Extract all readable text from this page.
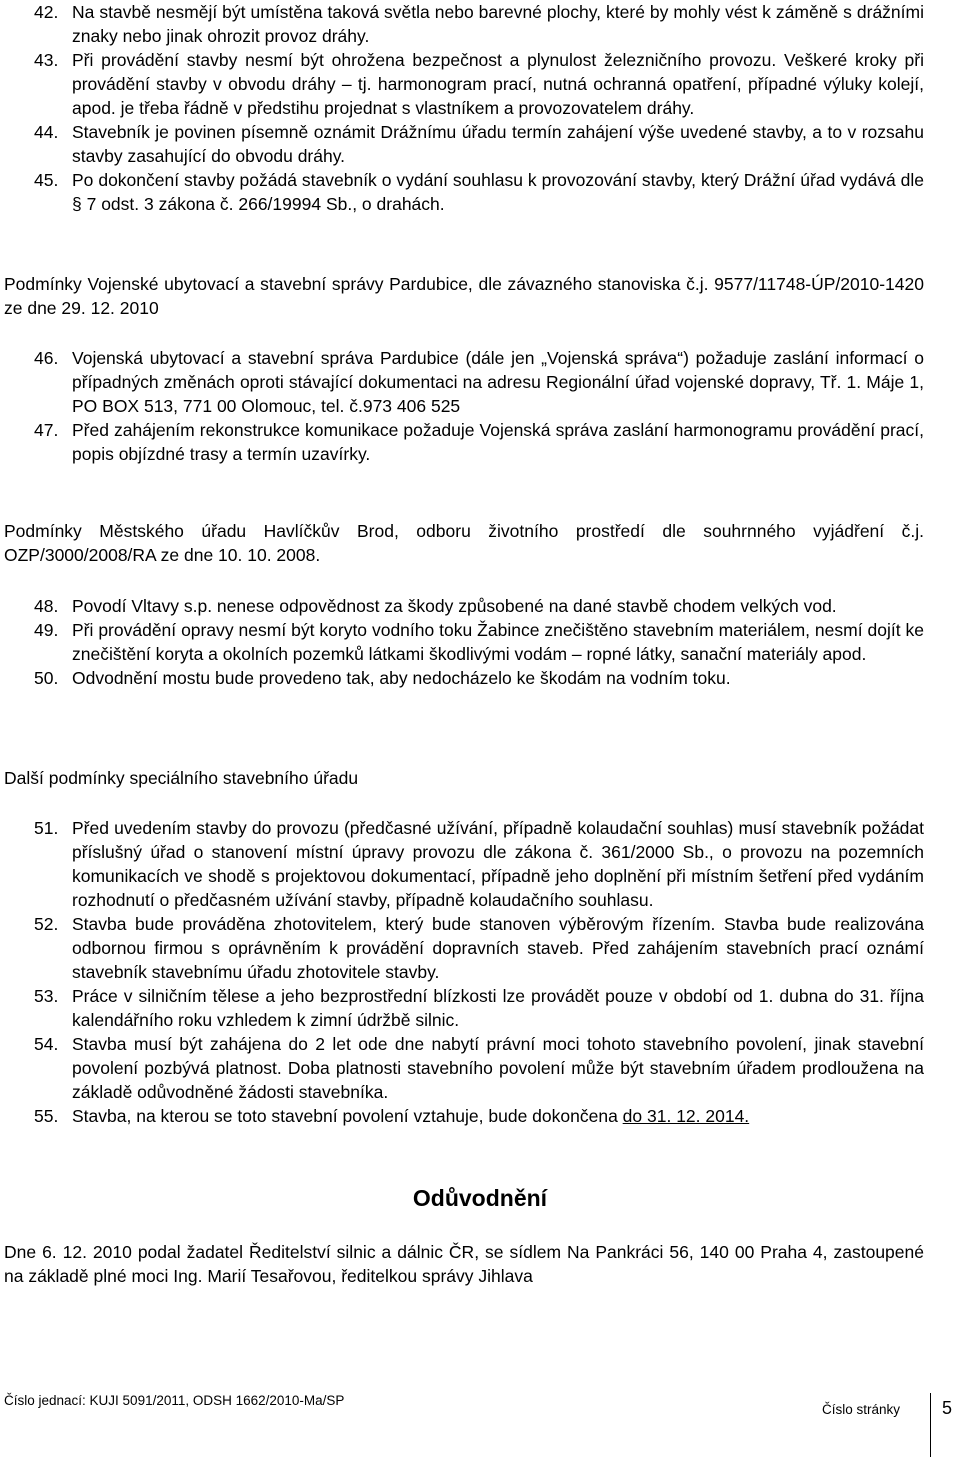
42. Na stavbě nesmějí být umístěna taková světla nebo barevné plochy, které by mohly vést k záměně s drážními znaky nebo jinak ohrozit provoz dráhy.
43. Při provádění stavby nesmí být ohrožena bezpečnost a plynulost železničního provozu. Veškeré kroky při provádění stavby v obvodu dráhy – tj. harmonogram prací, nutná ochranná opatření, případné výluky kolejí, apod. je třeba řádně v předstihu projednat s vlastníkem a provozovatelem dráhy.
44. Stavebník je povinen písemně oznámit Drážnímu úřadu termín zahájení výše uvedené stavby, a to v rozsahu stavby zasahující do obvodu dráhy.
45. Po dokončení stavby požádá stavebník o vydání souhlasu k provozování stavby, který Drážní úřad vydává dle § 7 odst. 3 zákona č. 266/19994 Sb., o drahách.
Podmínky Vojenské ubytovací a stavební správy Pardubice, dle závazného stanoviska č.j. 9577/11748-ÚP/2010-1420 ze dne 29. 12. 2010
46. Vojenská ubytovací a stavební správa Pardubice (dále jen „Vojenská správa“) požaduje zaslání informací o případných změnách oproti stávající dokumentaci na adresu Regionální úřad vojenské dopravy, Tř. 1. Máje 1, PO BOX 513, 771 00 Olomouc, tel. č.973 406 525
47. Před zahájením rekonstrukce komunikace požaduje Vojenská správa zaslání harmonogramu provádění prací, popis objízdné trasy a termín uzavírky.
Podmínky Městského úřadu Havlíčkův Brod, odboru životního prostředí dle souhrnného vyjádření č.j. OZP/3000/2008/RA ze dne 10. 10. 2008.
48. Povodí Vltavy s.p. nenese odpovědnost za škody způsobené na dané stavbě chodem velkých vod.
49. Při provádění opravy nesmí být koryto vodního toku Žabince znečištěno stavebním materiálem, nesmí dojít ke znečištění koryta a okolních pozemků látkami škodlivými vodám – ropné látky, sanační materiály apod.
50. Odvodnění mostu bude provedeno tak, aby nedocházelo ke škodám na vodním toku.
Další podmínky speciálního stavebního úřadu
51. Před uvedením stavby do provozu (předčasné užívání, případně kolaudační souhlas) musí stavebník požádat příslušný úřad o stanovení místní úpravy provozu dle zákona č. 361/2000 Sb., o provozu na pozemních komunikacích ve shodě s projektovou dokumentací, případně jeho doplnění při místním šetření před vydáním rozhodnutí o předčasném užívání stavby, případně kolaudačního souhlasu.
52. Stavba bude prováděna zhotovitelem, který bude stanoven výběrovým řízením. Stavba bude realizována odbornou firmou s oprávněním k provádění dopravních staveb. Před zahájením stavebních prací oznámí stavebník stavebnímu úřadu zhotovitele stavby.
53. Práce v silničním tělese a jeho bezprostřední blízkosti lze provádět pouze v období od 1. dubna do 31. října kalendářního roku vzhledem k zimní údržbě silnic.
54. Stavba musí být zahájena do 2 let ode dne nabytí právní moci tohoto stavebního povolení, jinak stavební povolení pozbývá platnost. Doba platnosti stavebního povolení může být stavebním úřadem prodloužena na základě odůvodněné žádosti stavebníka.
55. Stavba, na kterou se toto stavební povolení vztahuje, bude dokončena do 31. 12. 2014.
Odůvodnění
Dne 6. 12. 2010 podal žadatel Ředitelství silnic a dálnic ČR, se sídlem Na Pankráci 56, 140 00 Praha 4, zastoupené na základě plné moci Ing. Marií Tesařovou, ředitelkou správy Jihlava
Číslo jednací: KUJI 5091/2011, ODSH 1662/2010-Ma/SP
Číslo stránky 5
